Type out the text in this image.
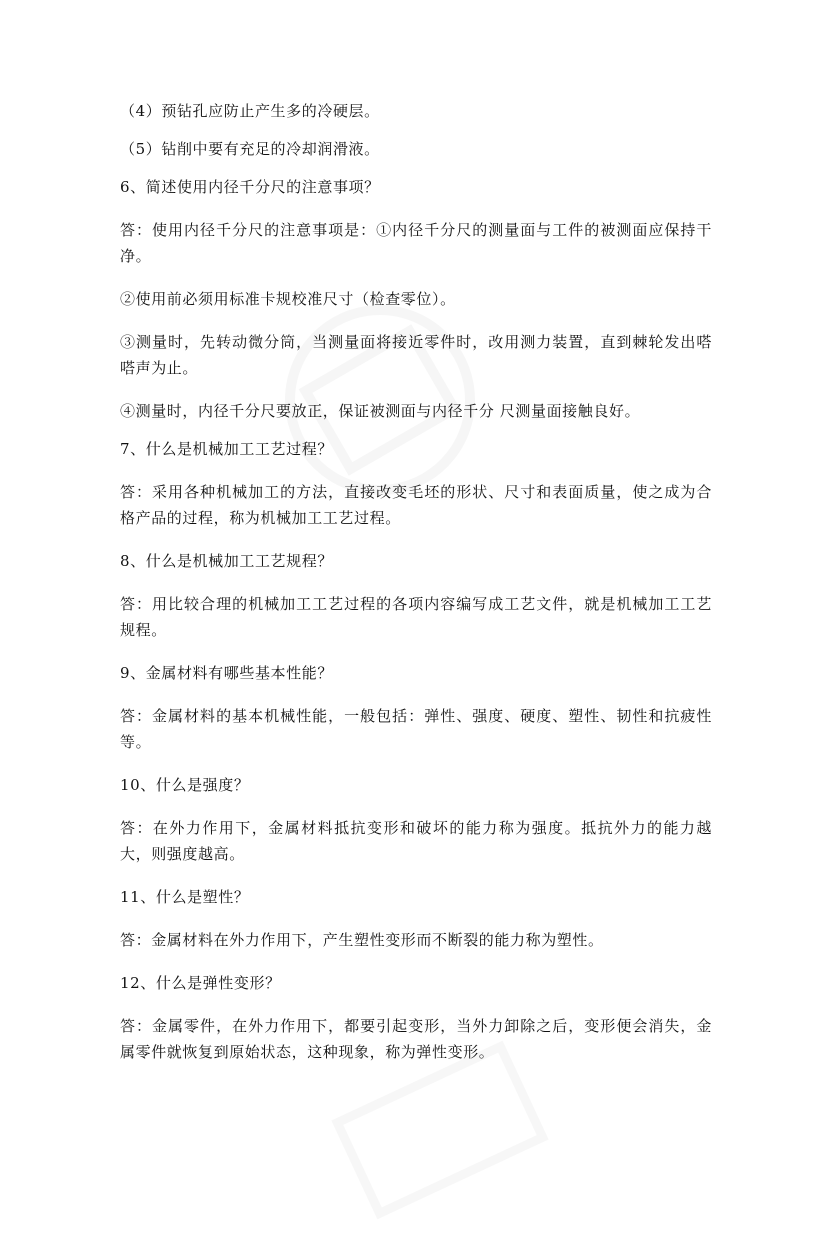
（4）预钻孔应防止产生多的冷硬层。

（5）钻削中要有充足的冷却润滑液。

6、简述使用内径千分尺的注意事项？

答：使用内径千分尺的注意事项是：①内径千分尺的测量面与工件的被测面应保持干净。

②使用前必须用标准卡规校准尺寸（检查零位）。

③测量时，先转动微分筒，当测量面将接近零件时，改用测力装置，直到棘轮发出嗒嗒声为止。

④测量时，内径千分尺要放正，保证被测面与内径千分 尺测量面接触良好。

7、什么是机械加工工艺过程？

答：采用各种机械加工的方法，直接改变毛坯的形状、尺寸和表面质量，使之成为合格产品的过程，称为机械加工工艺过程。

8、什么是机械加工工艺规程？

答：用比较合理的机械加工工艺过程的各项内容编写成工艺文件，就是机械加工工艺规程。

9、金属材料有哪些基本性能？

答：金属材料的基本机械性能，一般包括：弹性、强度、硬度、塑性、韧性和抗疲性等。

10、什么是强度？

答：在外力作用下，金属材料抵抗变形和破坏的能力称为强度。抵抗外力的能力越大，则强度越高。

11、什么是塑性？

答：金属材料在外力作用下，产生塑性变形而不断裂的能力称为塑性。

12、什么是弹性变形？

答：金属零件，在外力作用下，都要引起变形，当外力卸除之后，变形便会消失，金属零件就恢复到原始状态，这种现象，称为弹性变形。
